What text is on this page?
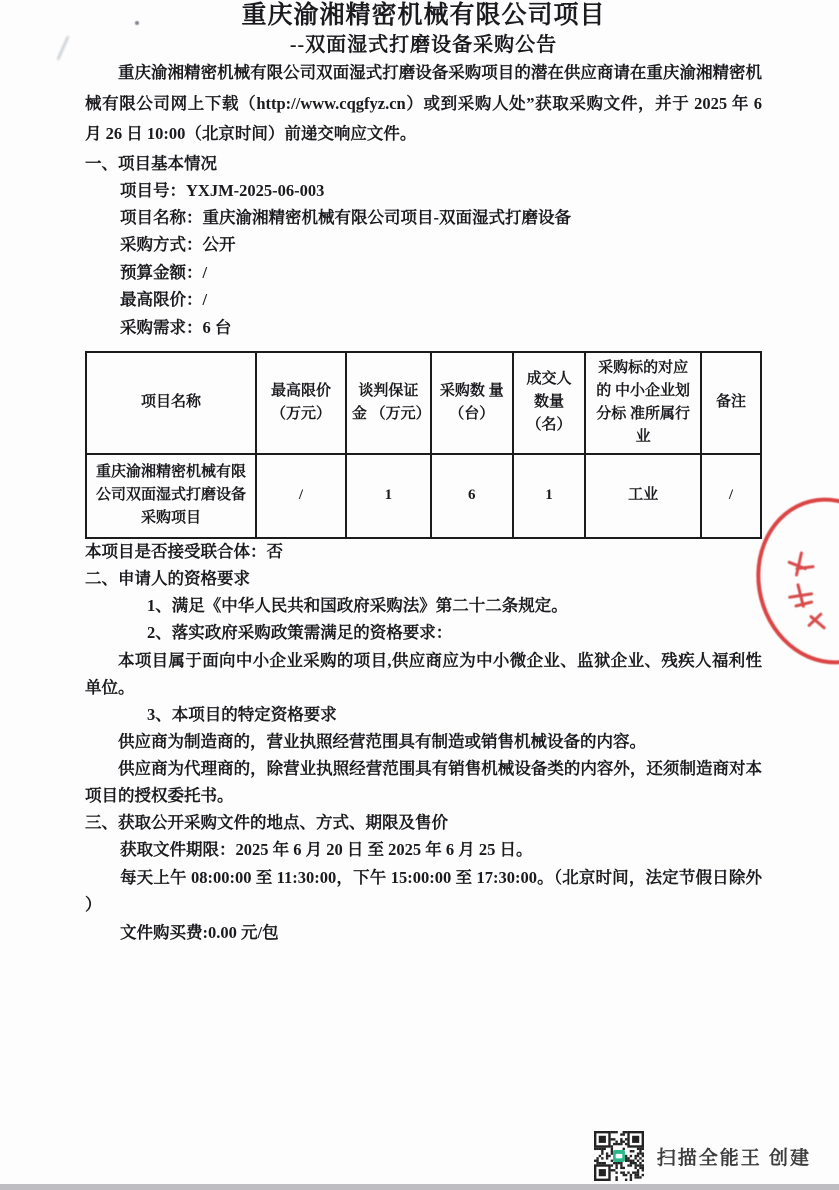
重庆渝湘精密机械有限公司项目

--双面湿式打磨设备采购公告

重庆渝湘精密机械有限公司双面湿式打磨设备采购项目的潜在供应商请在重庆渝湘精密机械有限公司网上下载（http://www.cqgfyz.cn）或到采购人处”获取采购文件，并于 2025 年 6 月 26 日 10:00（北京时间）前递交响应文件。

一、项目基本情况

项目号：YXJM-2025-06-003

项目名称：重庆渝湘精密机械有限公司项目-双面湿式打磨设备

采购方式：公开

预算金额：/

最高限价：/

采购需求：6 台

项目名称	最高限价 （万元）	谈判保证金 （万元）	采购数 量（台）	成交人 数量 （名）	采购标的对应的 中小企业划分标 准所属行业	备注
重庆渝湘精密机械有限公司双面湿式打磨设备采购项目	/	1	6	1	工业	/

本项目是否接受联合体：否

二、申请人的资格要求

1、满足《中华人民共和国政府采购法》第二十二条规定。

2、落实政府采购政策需满足的资格要求：

本项目属于面向中小企业采购的项目,供应商应为中小微企业、监狱企业、残疾人福利性单位。

3、本项目的特定资格要求

供应商为制造商的，营业执照经营范围具有制造或销售机械设备的内容。

供应商为代理商的，除营业执照经营范围具有销售机械设备类的内容外，还须制造商对本项目的授权委托书。

三、获取公开采购文件的地点、方式、期限及售价

获取文件期限：2025 年 6 月 20 日 至 2025 年 6 月 25 日。

每天上午 08:00:00 至 11:30:00，下午 15:00:00 至 17:30:00。（北京时间，法定节假日除外 ）

文件购买费:0.00 元/包

扫描全能王 创建
